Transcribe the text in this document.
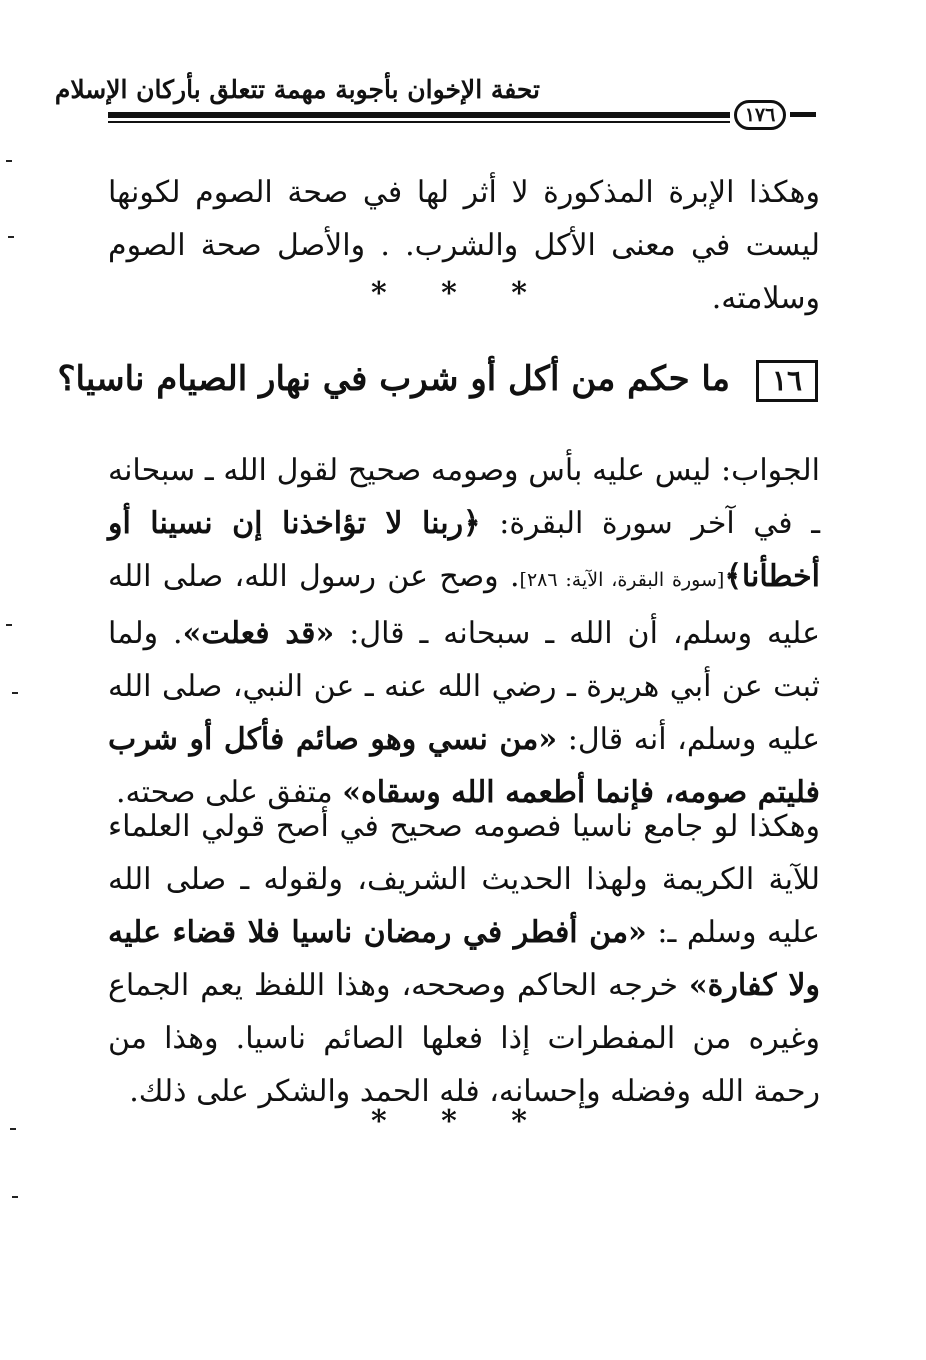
تحفة الإخوان بأجوبة مهمة تتعلق بأركان الإسلام
١٧٦
وهكذا الإبرة المذكورة لا أثر لها في صحة الصوم لكونها ليست في معنى الأكل والشرب. . والأصل صحة الصوم وسلامته.
* * *
١٦
ما حكم من أكل أو شرب في نهار الصيام ناسيا؟
الجواب: ليس عليه بأس وصومه صحيح لقول الله ـ سبحانه ـ في آخر سورة البقرة: ﴿ربنا لا تؤاخذنا إن نسينا أو أخطأنا﴾[سورة البقرة، الآية: ٢٨٦]. وصح عن رسول الله، صلى الله عليه وسلم، أن الله ـ سبحانه ـ قال: «قد فعلت». ولما ثبت عن أبي هريرة ـ رضي الله عنه ـ عن النبي، صلى الله عليه وسلم، أنه قال: «من نسي وهو صائم فأكل أو شرب فليتم صومه، فإنما أطعمه الله وسقاه» متفق على صحته.
وهكذا لو جامع ناسيا فصومه صحيح في أصح قولي العلماء للآية الكريمة ولهذا الحديث الشريف، ولقوله ـ صلى الله عليه وسلم ـ: «من أفطر في رمضان ناسيا فلا قضاء عليه ولا كفارة» خرجه الحاكم وصححه، وهذا اللفظ يعم الجماع وغيره من المفطرات إذا فعلها الصائم ناسيا. وهذا من رحمة الله وفضله وإحسانه، فله الحمد والشكر على ذلك.
* * *
